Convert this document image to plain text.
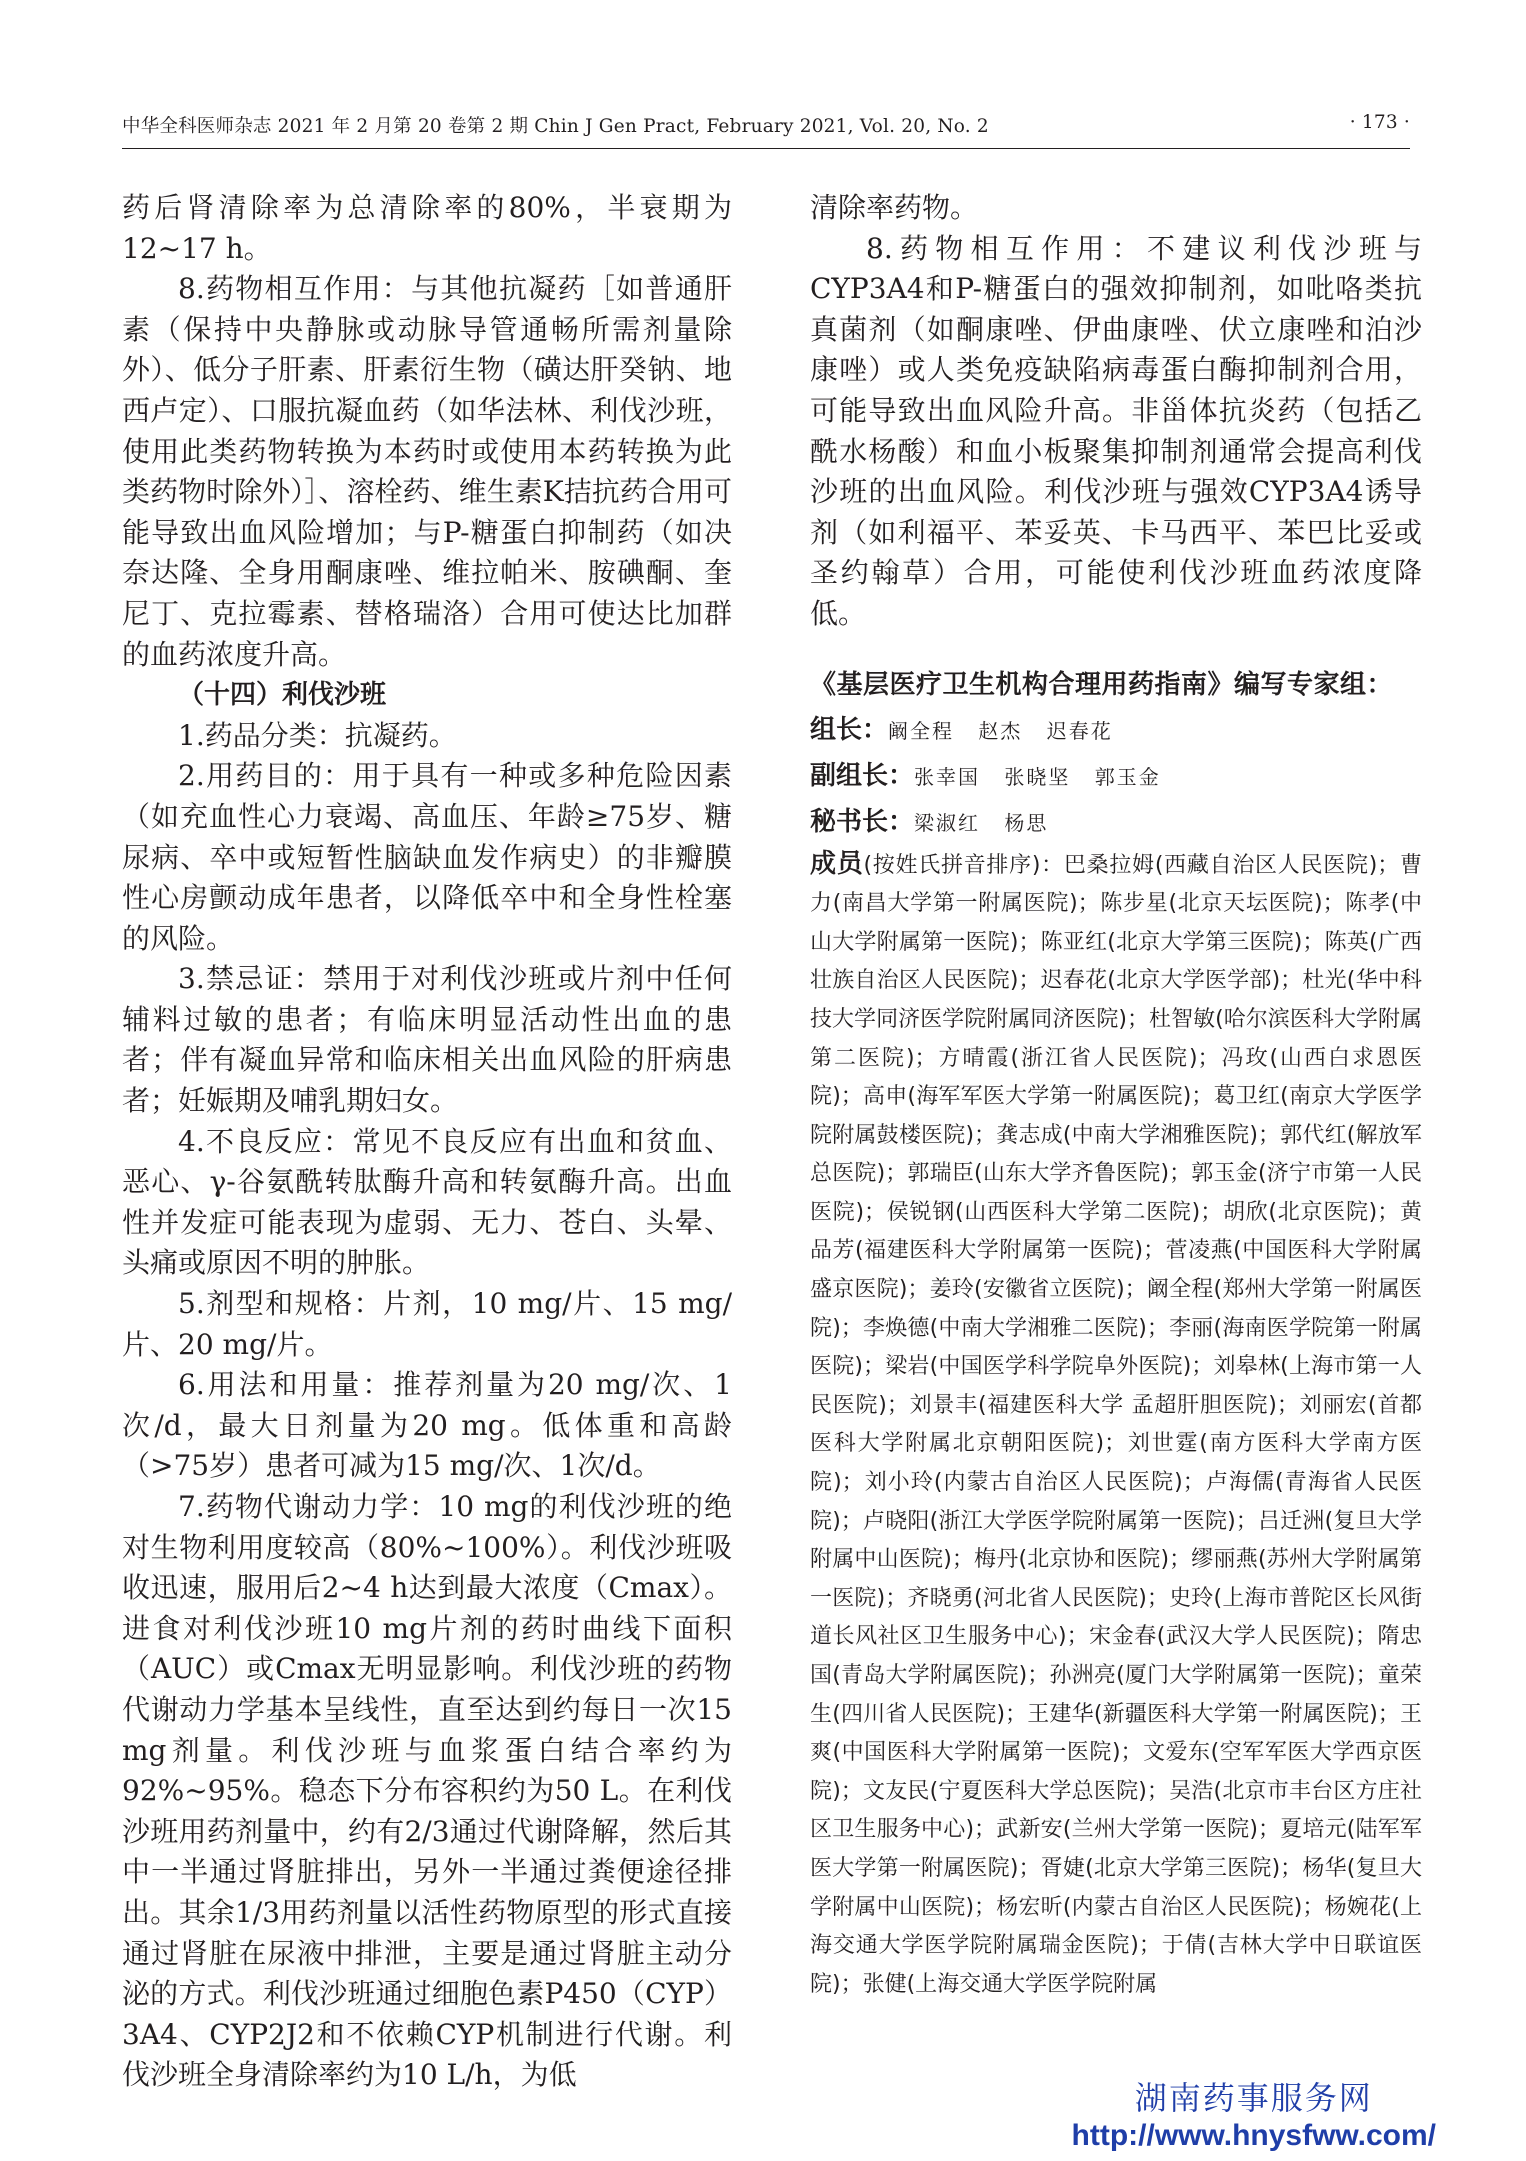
中华全科医师杂志 2021 年 2 月第 20 卷第 2 期 Chin J Gen Pract, February 2021, Vol. 20, No. 2	· 173 ·

药后肾清除率为总清除率的80%，半衰期为12~17 h。

8.药物相互作用：与其他抗凝药［如普通肝素（保持中央静脉或动脉导管通畅所需剂量除外）、低分子肝素、肝素衍生物（磺达肝癸钠、地西卢定）、口服抗凝血药（如华法林、利伐沙班，使用此类药物转换为本药时或使用本药转换为此类药物时除外）］、溶栓药、维生素K拮抗药合用可能导致出血风险增加；与P-糖蛋白抑制药（如决奈达隆、全身用酮康唑、维拉帕米、胺碘酮、奎尼丁、克拉霉素、替格瑞洛）合用可使达比加群的血药浓度升高。

（十四）利伐沙班

1.药品分类：抗凝药。

2.用药目的：用于具有一种或多种危险因素（如充血性心力衰竭、高血压、年龄≥75岁、糖尿病、卒中或短暂性脑缺血发作病史）的非瓣膜性心房颤动成年患者，以降低卒中和全身性栓塞的风险。

3.禁忌证：禁用于对利伐沙班或片剂中任何辅料过敏的患者；有临床明显活动性出血的患者；伴有凝血异常和临床相关出血风险的肝病患者；妊娠期及哺乳期妇女。

4.不良反应：常见不良反应有出血和贫血、恶心、γ-谷氨酰转肽酶升高和转氨酶升高。出血性并发症可能表现为虚弱、无力、苍白、头晕、头痛或原因不明的肿胀。

5.剂型和规格：片剂，10 mg/片、15 mg/片、20 mg/片。

6.用法和用量：推荐剂量为20 mg/次、1次/d，最大日剂量为20 mg。低体重和高龄（>75岁）患者可减为15 mg/次、1次/d。

7.药物代谢动力学：10 mg的利伐沙班的绝对生物利用度较高（80%~100%）。利伐沙班吸收迅速，服用后2~4 h达到最大浓度（Cmax）。进食对利伐沙班10 mg片剂的药时曲线下面积（AUC）或Cmax无明显影响。利伐沙班的药物代谢动力学基本呈线性，直至达到约每日一次15 mg剂量。利伐沙班与血浆蛋白结合率约为92%~95%。稳态下分布容积约为50 L。在利伐沙班用药剂量中，约有2/3通过代谢降解，然后其中一半通过肾脏排出，另外一半通过粪便途径排出。其余1/3用药剂量以活性药物原型的形式直接通过肾脏在尿液中排泄，主要是通过肾脏主动分泌的方式。利伐沙班通过细胞色素P450（CYP）3A4、CYP2J2和不依赖CYP机制进行代谢。利伐沙班全身清除率约为10 L/h，为低

清除率药物。

8.药物相互作用：不建议利伐沙班与CYP3A4和P-糖蛋白的强效抑制剂，如吡咯类抗真菌剂（如酮康唑、伊曲康唑、伏立康唑和泊沙康唑）或人类免疫缺陷病毒蛋白酶抑制剂合用，可能导致出血风险升高。非甾体抗炎药（包括乙酰水杨酸）和血小板聚集抑制剂通常会提高利伐沙班的出血风险。利伐沙班与强效CYP3A4诱导剂（如利福平、苯妥英、卡马西平、苯巴比妥或圣约翰草）合用，可能使利伐沙班血药浓度降低。

《基层医疗卫生机构合理用药指南》编写专家组：

组长：阚全程 赵杰 迟春花

副组长：张幸国 张晓坚 郭玉金

秘书长：梁淑红 杨思

成员(按姓氏拼音排序)：巴桑拉姆(西藏自治区人民医院)；曹力(南昌大学第一附属医院)；陈步星(北京天坛医院)；陈孝(中山大学附属第一医院)；陈亚红(北京大学第三医院)；陈英(广西壮族自治区人民医院)；迟春花(北京大学医学部)；杜光(华中科技大学同济医学院附属同济医院)；杜智敏(哈尔滨医科大学附属第二医院)；方晴霞(浙江省人民医院)；冯玫(山西白求恩医院)；高申(海军军医大学第一附属医院)；葛卫红(南京大学医学院附属鼓楼医院)；龚志成(中南大学湘雅医院)；郭代红(解放军总医院)；郭瑞臣(山东大学齐鲁医院)；郭玉金(济宁市第一人民医院)；侯锐钢(山西医科大学第二医院)；胡欣(北京医院)；黄品芳(福建医科大学附属第一医院)；菅凌燕(中国医科大学附属盛京医院)；姜玲(安徽省立医院)；阚全程(郑州大学第一附属医院)；李焕德(中南大学湘雅二医院)；李丽(海南医学院第一附属医院)；梁岩(中国医学科学院阜外医院)；刘皋林(上海市第一人民医院)；刘景丰(福建医科大学 孟超肝胆医院)；刘丽宏(首都医科大学附属北京朝阳医院)；刘世霆(南方医科大学南方医院)；刘小玲(内蒙古自治区人民医院)；卢海儒(青海省人民医院)；卢晓阳(浙江大学医学院附属第一医院)；吕迁洲(复旦大学附属中山医院)；梅丹(北京协和医院)；缪丽燕(苏州大学附属第一医院)；齐晓勇(河北省人民医院)；史玲(上海市普陀区长风街道长风社区卫生服务中心)；宋金春(武汉大学人民医院)；隋忠国(青岛大学附属医院)；孙洲亮(厦门大学附属第一医院)；童荣生(四川省人民医院)；王建华(新疆医科大学第一附属医院)；王爽(中国医科大学附属第一医院)；文爱东(空军军医大学西京医院)；文友民(宁夏医科大学总医院)；吴浩(北京市丰台区方庄社区卫生服务中心)；武新安(兰州大学第一医院)；夏培元(陆军军医大学第一附属医院)；胥婕(北京大学第三医院)；杨华(复旦大学附属中山医院)；杨宏昕(内蒙古自治区人民医院)；杨婉花(上海交通大学医学院附属瑞金医院)；于倩(吉林大学中日联谊医院)；张健(上海交通大学医学院附属

湖南药事服务网
http://www.hnysfww.com/
